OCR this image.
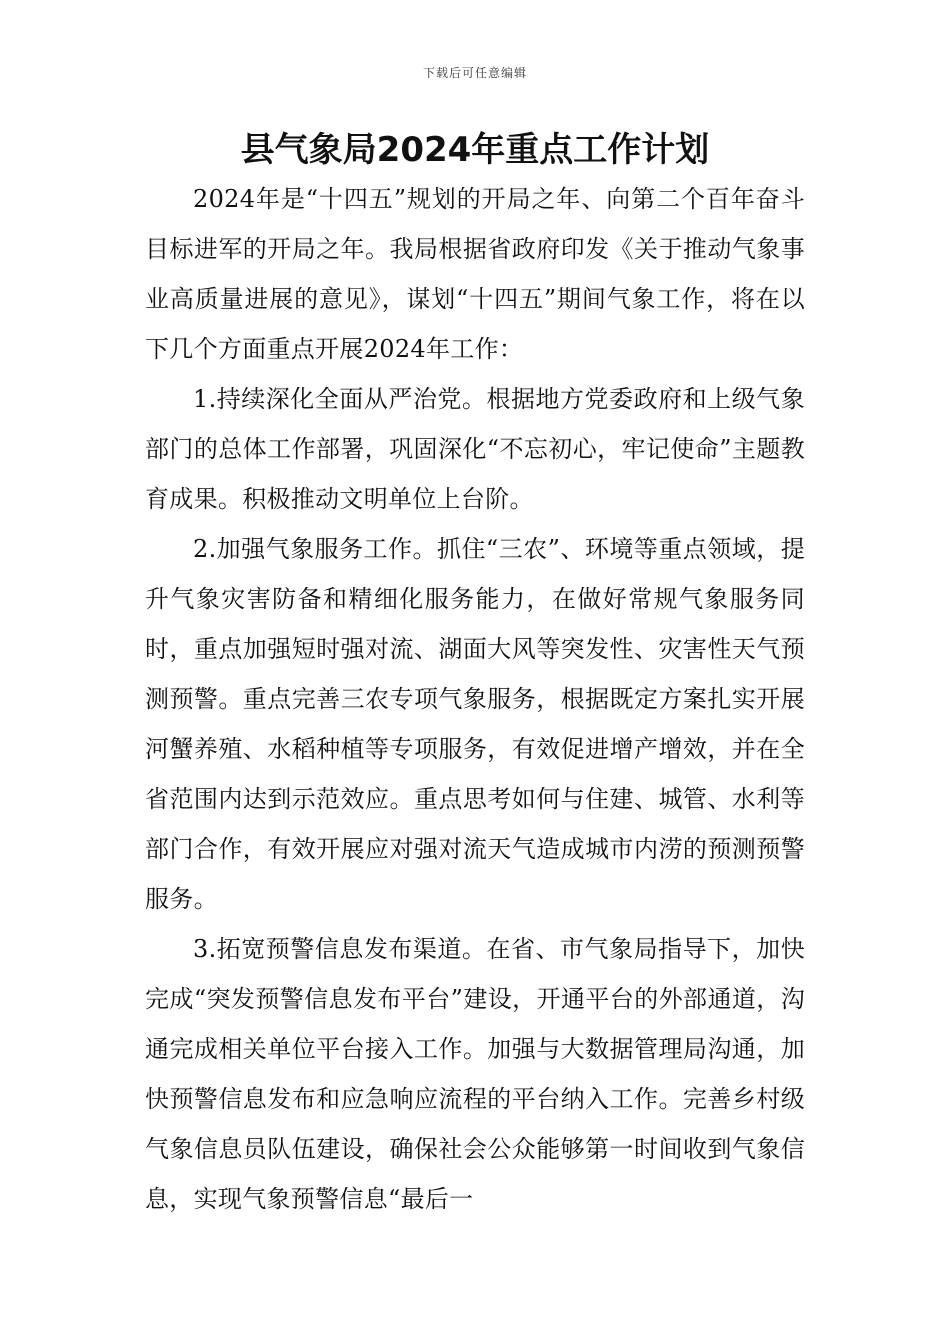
下载后可任意编辑
县气象局2024年重点工作计划

2024年是“十四五”规划的开局之年、向第二个百年奋斗目标进军的开局之年。我局根据省政府印发《关于推动气象事业高质量进展的意见》，谋划“十四五”期间气象工作，将在以下几个方面重点开展2024年工作：

1.持续深化全面从严治党。根据地方党委政府和上级气象部门的总体工作部署，巩固深化“不忘初心，牢记使命”主题教育成果。积极推动文明单位上台阶。

2.加强气象服务工作。抓住“三农”、环境等重点领域，提升气象灾害防备和精细化服务能力，在做好常规气象服务同时，重点加强短时强对流、湖面大风等突发性、灾害性天气预测预警。重点完善三农专项气象服务，根据既定方案扎实开展河蟹养殖、水稻种植等专项服务，有效促进增产增效，并在全省范围内达到示范效应。重点思考如何与住建、城管、水利等部门合作，有效开展应对强对流天气造成城市内涝的预测预警服务。

3.拓宽预警信息发布渠道。在省、市气象局指导下，加快完成“突发预警信息发布平台”建设，开通平台的外部通道，沟通完成相关单位平台接入工作。加强与大数据管理局沟通，加快预警信息发布和应急响应流程的平台纳入工作。完善乡村级气象信息员队伍建设，确保社会公众能够第一时间收到气象信息，实现气象预警信息“最后一
